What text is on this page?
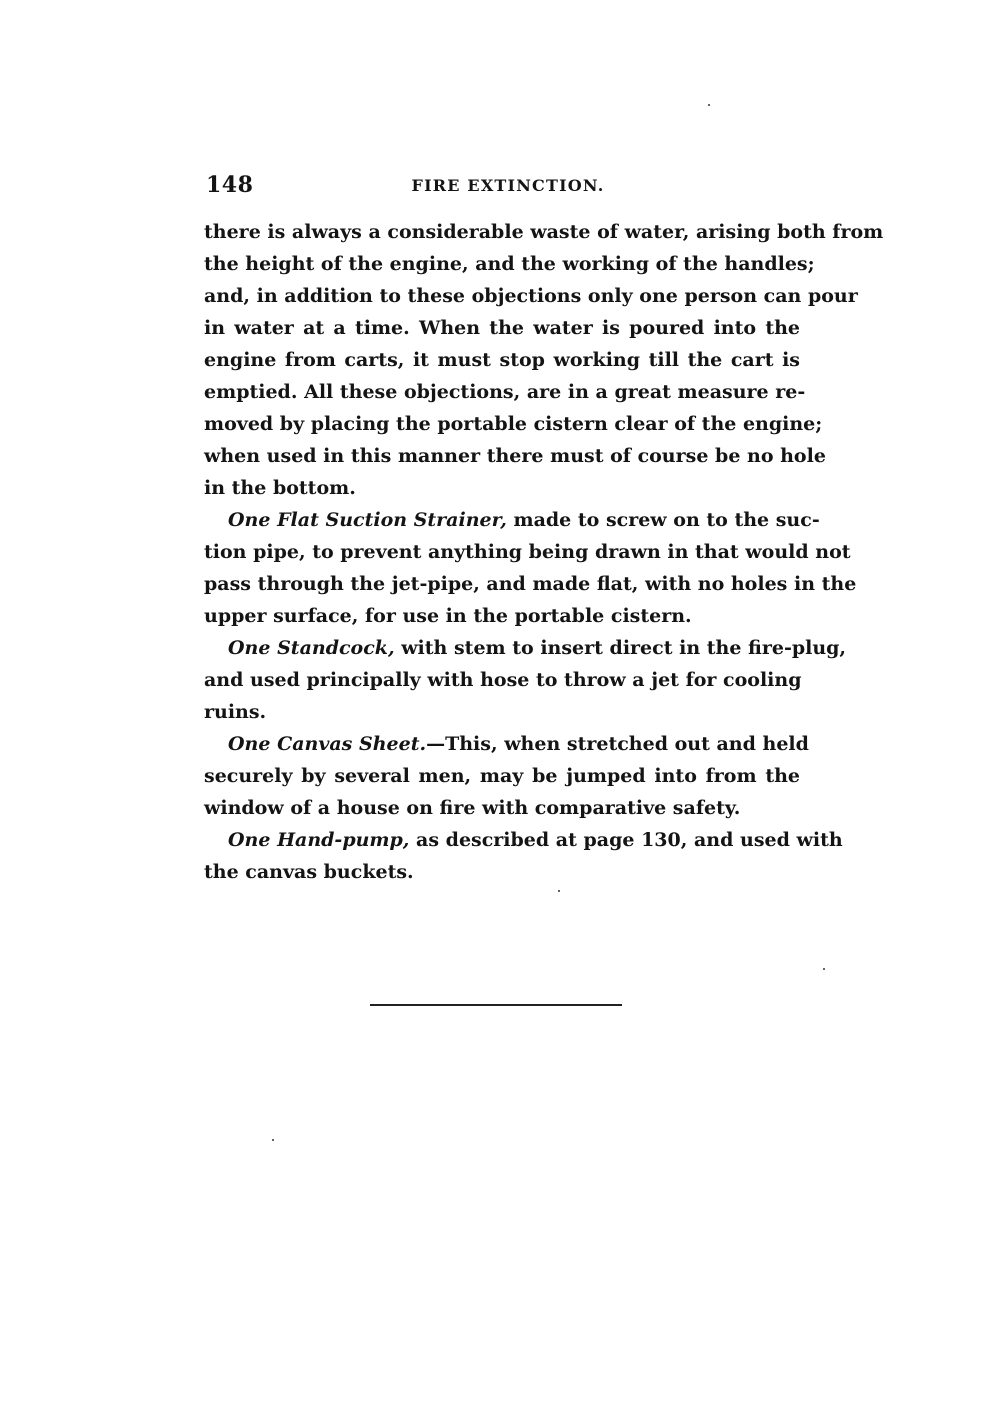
148	FIRE EXTINCTION.
there is always a considerable waste of water, arising both from
the height of the engine, and the working of the handles;
and, in addition to these objections only one person can pour
in water at a time. When the water is poured into the
engine from carts, it must stop working till the cart is
emptied. All these objections, are in a great measure re-
moved by placing the portable cistern clear of the engine;
when used in this manner there must of course be no hole
in the bottom.
One Flat Suction Strainer, made to screw on to the suc-
tion pipe, to prevent anything being drawn in that would not
pass through the jet-pipe, and made flat, with no holes in the
upper surface, for use in the portable cistern.
One Standcock, with stem to insert direct in the fire-plug,
and used principally with hose to throw a jet for cooling
ruins.
One Canvas Sheet.—This, when stretched out and held
securely by several men, may be jumped into from the
window of a house on fire with comparative safety.
One Hand-pump, as described at page 130, and used with
the canvas buckets.
